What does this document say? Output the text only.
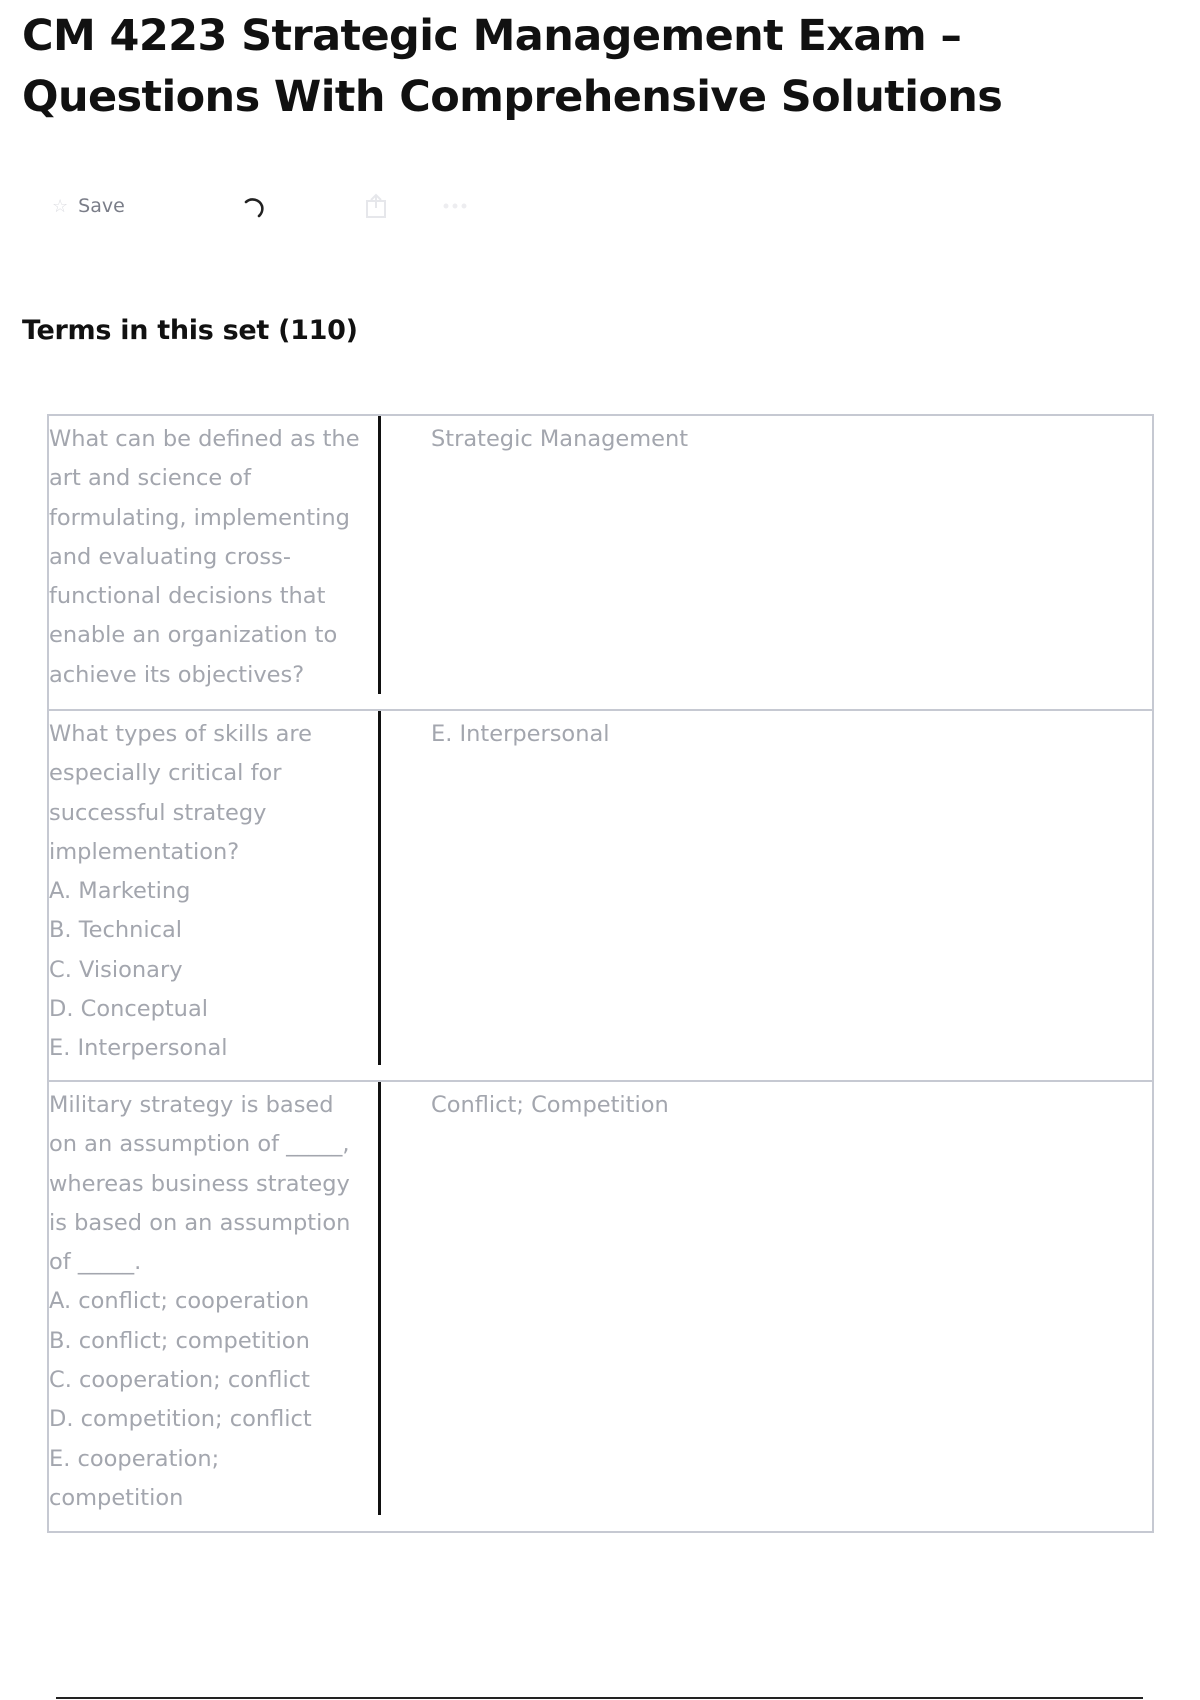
CM 4223 Strategic Management Exam – Questions With Comprehensive Solutions
☆ Save
Terms in this set (110)
What can be defined as the
art and science of
formulating, implementing
and evaluating cross-
functional decisions that
enable an organization to
achieve its objectives?
Strategic Management
What types of skills are
especially critical for
successful strategy
implementation?
A. Marketing
B. Technical
C. Visionary
D. Conceptual
E. Interpersonal
E. Interpersonal
Military strategy is based
on an assumption of _____,
whereas business strategy
is based on an assumption
of _____.
A. conflict; cooperation
B. conflict; competition
C. cooperation; conflict
D. competition; conflict
E. cooperation;
competition
Conflict; Competition
